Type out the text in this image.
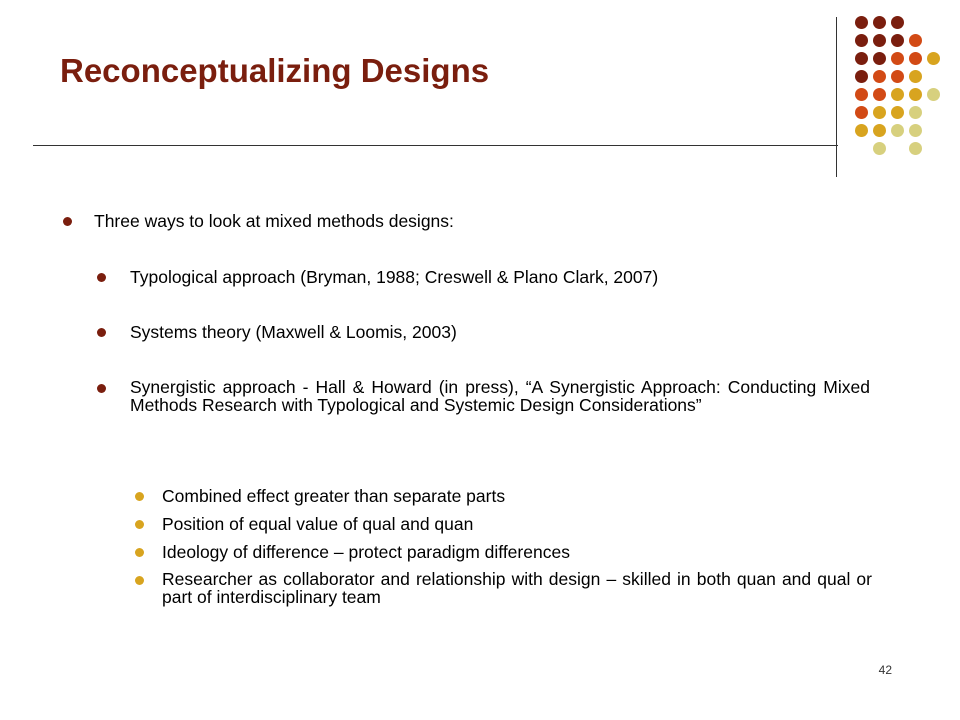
Reconceptualizing Designs
Three ways to look at mixed methods designs:
Typological approach (Bryman, 1988; Creswell & Plano Clark, 2007)
Systems theory (Maxwell & Loomis, 2003)
Synergistic approach - Hall & Howard (in press), “A Synergistic Approach: Conducting Mixed Methods Research with Typological and Systemic Design Considerations”
Combined effect greater than separate parts
Position of equal value of qual and quan
Ideology of difference – protect paradigm differences
Researcher as collaborator and relationship with design – skilled in both quan and qual or part of interdisciplinary team
42
